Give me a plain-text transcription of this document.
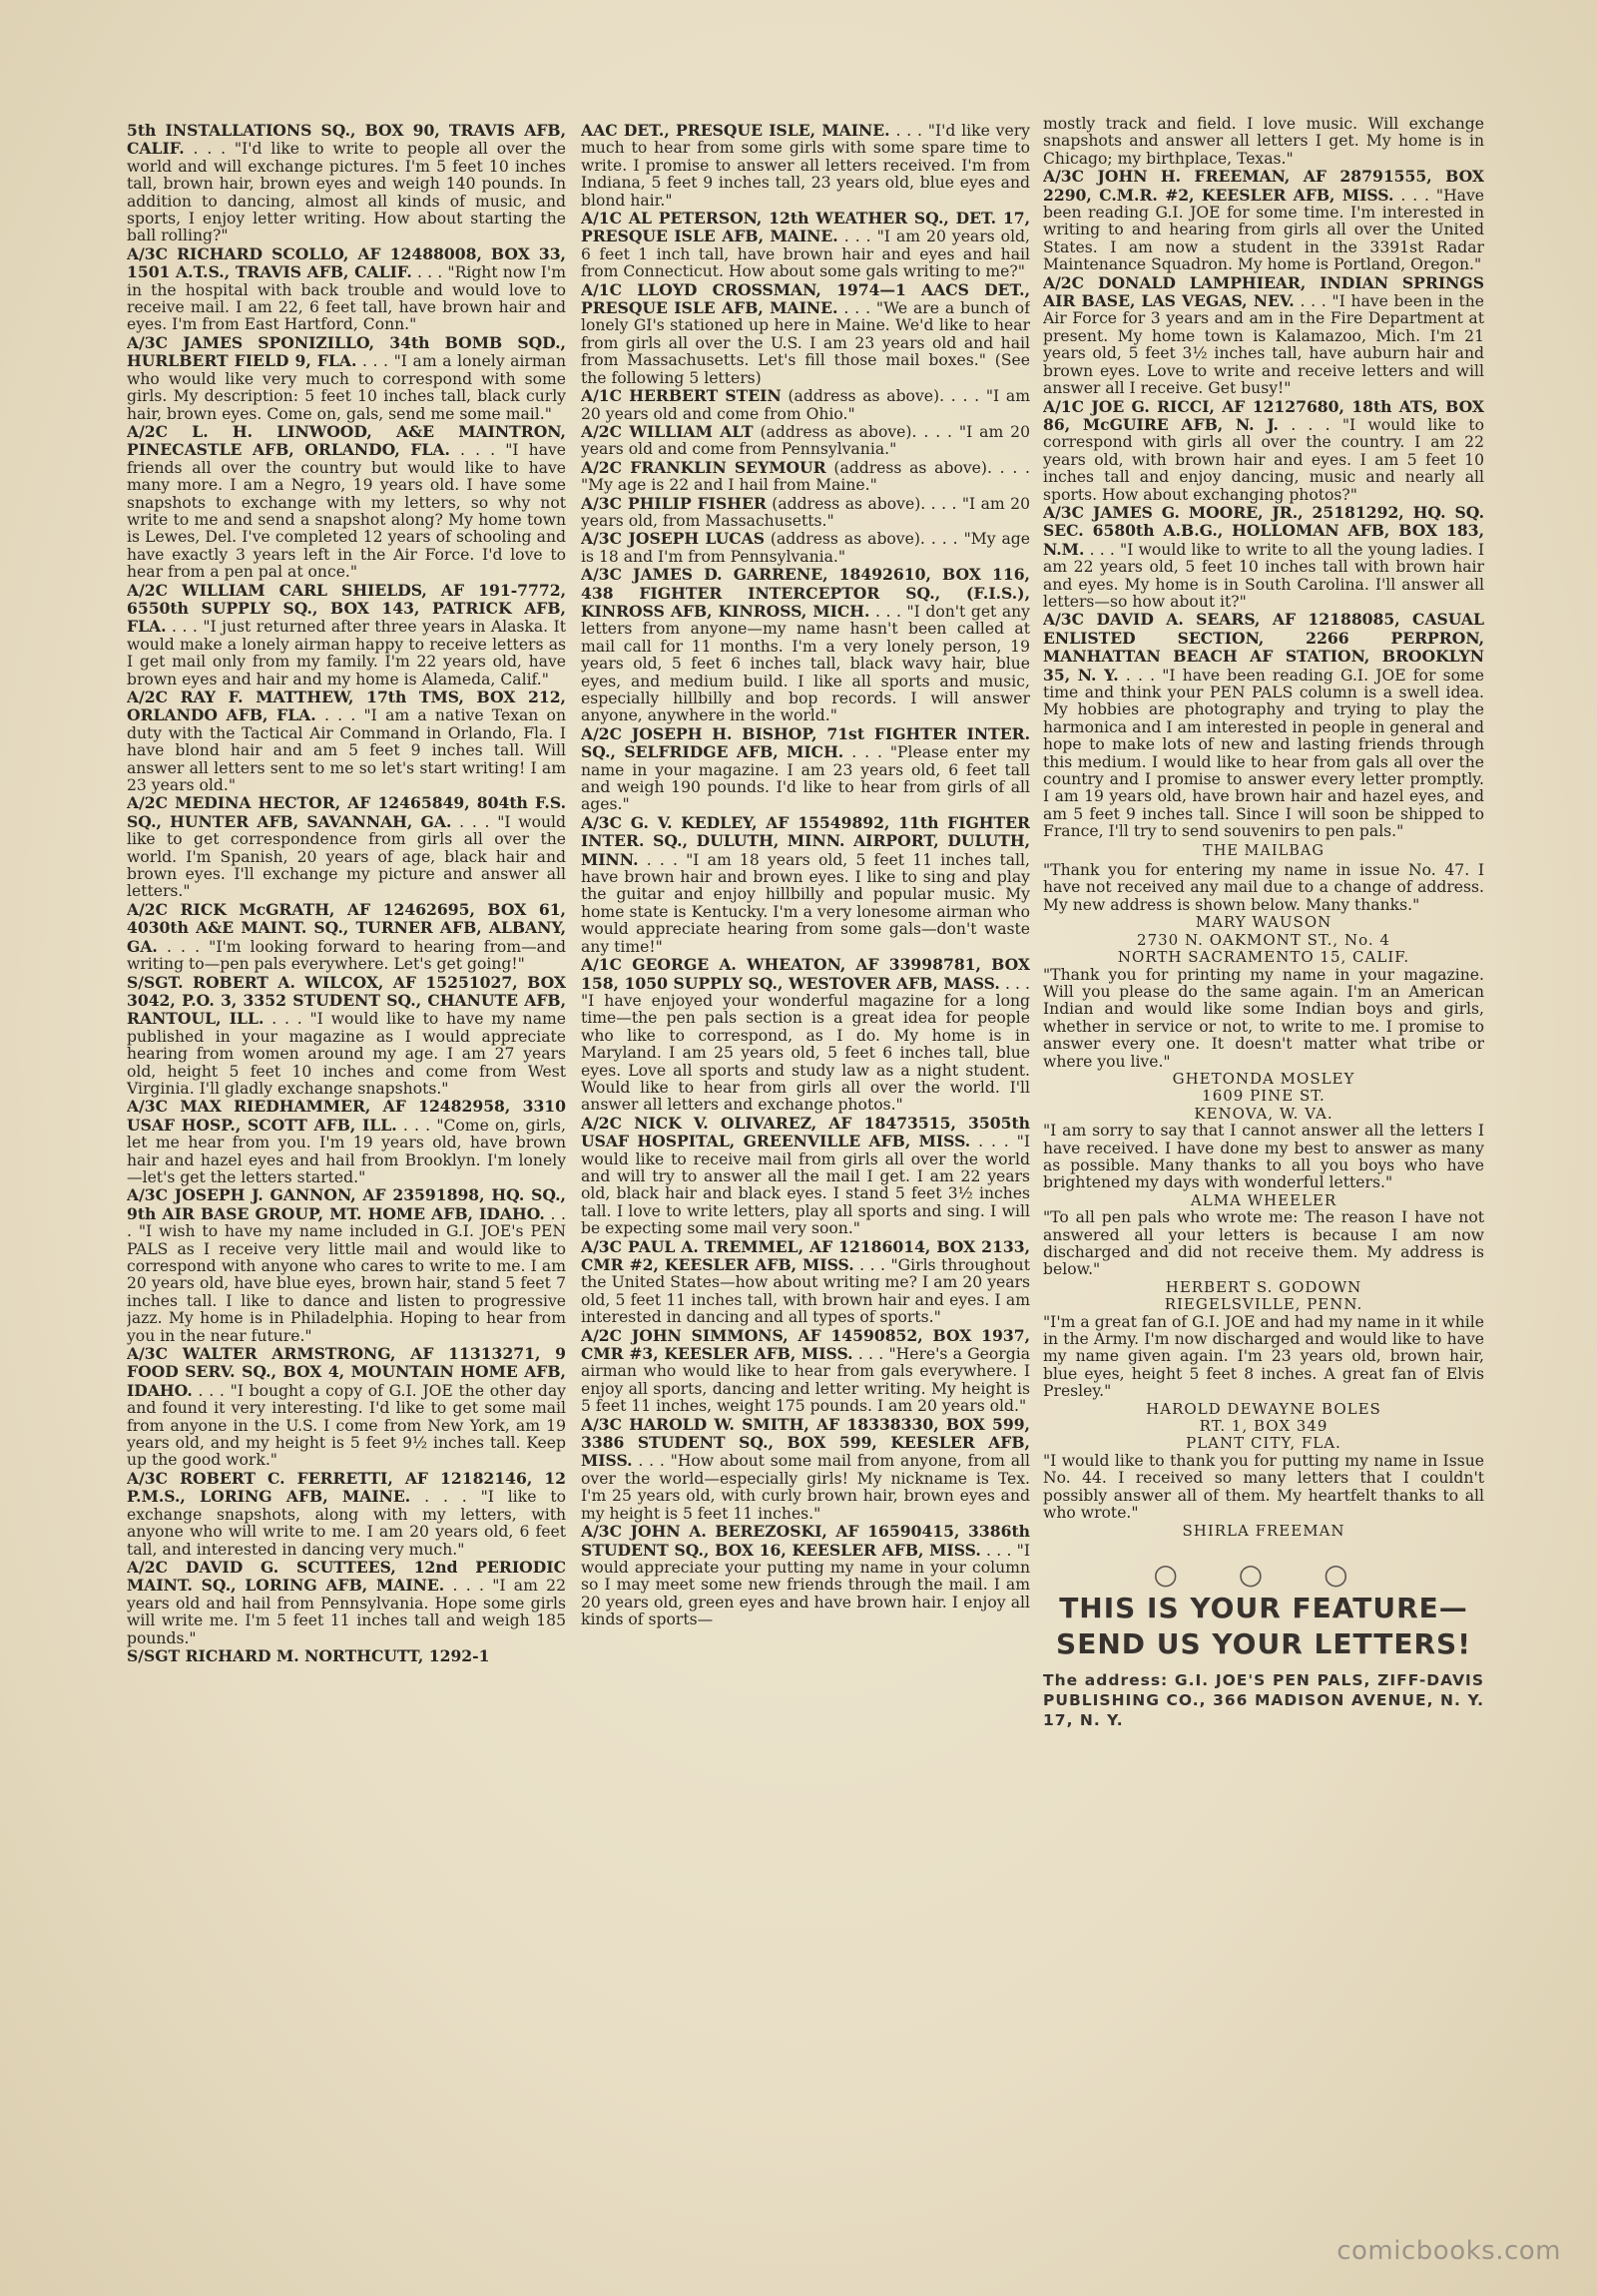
5th INSTALLATIONS SQ., BOX 90, TRAVIS AFB, CALIF. . . . "I'd like to write to people all over the world and will exchange pictures. I'm 5 feet 10 inches tall, brown hair, brown eyes and weigh 140 pounds. In addition to dancing, almost all kinds of music, and sports, I enjoy letter writing. How about starting the ball rolling?"

A/3C RICHARD SCOLLO, AF 12488008, BOX 33, 1501 A.T.S., TRAVIS AFB, CALIF. . . . "Right now I'm in the hospital with back trouble and would love to receive mail. I am 22, 6 feet tall, have brown hair and eyes. I'm from East Hartford, Conn."

A/3C JAMES SPONIZILLO, 34th BOMB SQD., HURLBERT FIELD 9, FLA. . . . "I am a lonely airman who would like very much to correspond with some girls. My description: 5 feet 10 inches tall, black curly hair, brown eyes. Come on, gals, send me some mail."

A/2C L. H. LINWOOD, A&E MAINTRON, PINECASTLE AFB, ORLANDO, FLA. . . . "I have friends all over the country but would like to have many more. I am a Negro, 19 years old. I have some snapshots to exchange with my letters, so why not write to me and send a snapshot along? My home town is Lewes, Del. I've completed 12 years of schooling and have exactly 3 years left in the Air Force. I'd love to hear from a pen pal at once."

A/2C WILLIAM CARL SHIELDS, AF 191-7772, 6550th SUPPLY SQ., BOX 143, PATRICK AFB, FLA. . . . "I just returned after three years in Alaska. It would make a lonely airman happy to receive letters as I get mail only from my family. I'm 22 years old, have brown eyes and hair and my home is Alameda, Calif."

A/2C RAY F. MATTHEW, 17th TMS, BOX 212, ORLANDO AFB, FLA. . . . "I am a native Texan on duty with the Tactical Air Command in Orlando, Fla. I have blond hair and am 5 feet 9 inches tall. Will answer all letters sent to me so let's start writing! I am 23 years old."

A/2C MEDINA HECTOR, AF 12465849, 804th F.S. SQ., HUNTER AFB, SAVANNAH, GA. . . . "I would like to get correspondence from girls all over the world. I'm Spanish, 20 years of age, black hair and brown eyes. I'll exchange my picture and answer all letters."

A/2C RICK McGRATH, AF 12462695, BOX 61, 4030th A&E MAINT. SQ., TURNER AFB, ALBANY, GA. . . . "I'm looking forward to hearing from—and writing to—pen pals everywhere. Let's get going!"

S/SGT. ROBERT A. WILCOX, AF 15251027, BOX 3042, P.O. 3, 3352 STUDENT SQ., CHANUTE AFB, RANTOUL, ILL. . . . "I would like to have my name published in your magazine as I would appreciate hearing from women around my age. I am 27 years old, height 5 feet 10 inches and come from West Virginia. I'll gladly exchange snapshots."

A/3C MAX RIEDHAMMER, AF 12482958, 3310 USAF HOSP., SCOTT AFB, ILL. . . . "Come on, girls, let me hear from you. I'm 19 years old, have brown hair and hazel eyes and hail from Brooklyn. I'm lonely—let's get the letters started."

A/3C JOSEPH J. GANNON, AF 23591898, HQ. SQ., 9th AIR BASE GROUP, MT. HOME AFB, IDAHO. . . . "I wish to have my name included in G.I. JOE's PEN PALS as I receive very little mail and would like to correspond with anyone who cares to write to me. I am 20 years old, have blue eyes, brown hair, stand 5 feet 7 inches tall. I like to dance and listen to progressive jazz. My home is in Philadelphia. Hoping to hear from you in the near future."

A/3C WALTER ARMSTRONG, AF 11313271, 9 FOOD SERV. SQ., BOX 4, MOUNTAIN HOME AFB, IDAHO. . . . "I bought a copy of G.I. JOE the other day and found it very interesting. I'd like to get some mail from anyone in the U.S. I come from New York, am 19 years old, and my height is 5 feet 9½ inches tall. Keep up the good work."

A/3C ROBERT C. FERRETTI, AF 12182146, 12 P.M.S., LORING AFB, MAINE. . . . "I like to exchange snapshots, along with my letters, with anyone who will write to me. I am 20 years old, 6 feet tall, and interested in dancing very much."

A/2C DAVID G. SCUTTEES, 12nd PERIODIC MAINT. SQ., LORING AFB, MAINE. . . . "I am 22 years old and hail from Pennsylvania. Hope some girls will write me. I'm 5 feet 11 inches tall and weigh 185 pounds."

S/SGT RICHARD M. NORTHCUTT, 1292-1

AAC DET., PRESQUE ISLE, MAINE. . . . "I'd like very much to hear from some girls with some spare time to write. I promise to answer all letters received. I'm from Indiana, 5 feet 9 inches tall, 23 years old, blue eyes and blond hair."

A/1C AL PETERSON, 12th WEATHER SQ., DET. 17, PRESQUE ISLE AFB, MAINE. . . . "I am 20 years old, 6 feet 1 inch tall, have brown hair and eyes and hail from Connecticut. How about some gals writing to me?"

A/1C LLOYD CROSSMAN, 1974—1 AACS DET., PRESQUE ISLE AFB, MAINE. . . . "We are a bunch of lonely GI's stationed up here in Maine. We'd like to hear from girls all over the U.S. I am 23 years old and hail from Massachusetts. Let's fill those mail boxes." (See the following 5 letters)

A/1C HERBERT STEIN (address as above). . . . "I am 20 years old and come from Ohio."

A/2C WILLIAM ALT (address as above). . . . "I am 20 years old and come from Pennsylvania."

A/2C FRANKLIN SEYMOUR (address as above). . . . "My age is 22 and I hail from Maine."

A/3C PHILIP FISHER (address as above). . . . "I am 20 years old, from Massachusetts."

A/3C JOSEPH LUCAS (address as above). . . . "My age is 18 and I'm from Pennsylvania."

A/3C JAMES D. GARRENE, 18492610, BOX 116, 438 FIGHTER INTERCEPTOR SQ., (F.I.S.), KINROSS AFB, KINROSS, MICH. . . . "I don't get any letters from anyone—my name hasn't been called at mail call for 11 months. I'm a very lonely person, 19 years old, 5 feet 6 inches tall, black wavy hair, blue eyes, and medium build. I like all sports and music, especially hillbilly and bop records. I will answer anyone, anywhere in the world."

A/2C JOSEPH H. BISHOP, 71st FIGHTER INTER. SQ., SELFRIDGE AFB, MICH. . . . "Please enter my name in your magazine. I am 23 years old, 6 feet tall and weigh 190 pounds. I'd like to hear from girls of all ages."

A/3C G. V. KEDLEY, AF 15549892, 11th FIGHTER INTER. SQ., DULUTH, MINN. AIRPORT, DULUTH, MINN. . . . "I am 18 years old, 5 feet 11 inches tall, have brown hair and brown eyes. I like to sing and play the guitar and enjoy hillbilly and popular music. My home state is Kentucky. I'm a very lonesome airman who would appreciate hearing from some gals—don't waste any time!"

A/1C GEORGE A. WHEATON, AF 33998781, BOX 158, 1050 SUPPLY SQ., WESTOVER AFB, MASS. . . . "I have enjoyed your wonderful magazine for a long time—the pen pals section is a great idea for people who like to correspond, as I do. My home is in Maryland. I am 25 years old, 5 feet 6 inches tall, blue eyes. Love all sports and study law as a night student. Would like to hear from girls all over the world. I'll answer all letters and exchange photos."

A/2C NICK V. OLIVAREZ, AF 18473515, 3505th USAF HOSPITAL, GREENVILLE AFB, MISS. . . . "I would like to receive mail from girls all over the world and will try to answer all the mail I get. I am 22 years old, black hair and black eyes. I stand 5 feet 3½ inches tall. I love to write letters, play all sports and sing. I will be expecting some mail very soon."

A/3C PAUL A. TREMMEL, AF 12186014, BOX 2133, CMR #2, KEESLER AFB, MISS. . . . "Girls throughout the United States—how about writing me? I am 20 years old, 5 feet 11 inches tall, with brown hair and eyes. I am interested in dancing and all types of sports."

A/2C JOHN SIMMONS, AF 14590852, BOX 1937, CMR #3, KEESLER AFB, MISS. . . . "Here's a Georgia airman who would like to hear from gals everywhere. I enjoy all sports, dancing and letter writing. My height is 5 feet 11 inches, weight 175 pounds. I am 20 years old."

A/3C HAROLD W. SMITH, AF 18338330, BOX 599, 3386 STUDENT SQ., BOX 599, KEESLER AFB, MISS. . . . "How about some mail from anyone, from all over the world—especially girls! My nickname is Tex. I'm 25 years old, with curly brown hair, brown eyes and my height is 5 feet 11 inches."

A/3C JOHN A. BEREZOSKI, AF 16590415, 3386th STUDENT SQ., BOX 16, KEESLER AFB, MISS. . . . "I would appreciate your putting my name in your column so I may meet some new friends through the mail. I am 20 years old, green eyes and have brown hair. I enjoy all kinds of sports—

mostly track and field. I love music. Will exchange snapshots and answer all letters I get. My home is in Chicago; my birthplace, Texas."

A/3C JOHN H. FREEMAN, AF 28791555, BOX 2290, C.M.R. #2, KEESLER AFB, MISS. . . . "Have been reading G.I. JOE for some time. I'm interested in writing to and hearing from girls all over the United States. I am now a student in the 3391st Radar Maintenance Squadron. My home is Portland, Oregon."

A/2C DONALD LAMPHIEAR, INDIAN SPRINGS AIR BASE, LAS VEGAS, NEV. . . . "I have been in the Air Force for 3 years and am in the Fire Department at present. My home town is Kalamazoo, Mich. I'm 21 years old, 5 feet 3½ inches tall, have auburn hair and brown eyes. Love to write and receive letters and will answer all I receive. Get busy!"

A/1C JOE G. RICCI, AF 12127680, 18th ATS, BOX 86, McGUIRE AFB, N. J. . . . "I would like to correspond with girls all over the country. I am 22 years old, with brown hair and eyes. I am 5 feet 10 inches tall and enjoy dancing, music and nearly all sports. How about exchanging photos?"

A/3C JAMES G. MOORE, JR., 25181292, HQ. SQ. SEC. 6580th A.B.G., HOLLOMAN AFB, BOX 183, N.M. . . . "I would like to write to all the young ladies. I am 22 years old, 5 feet 10 inches tall with brown hair and eyes. My home is in South Carolina. I'll answer all letters—so how about it?"

A/3C DAVID A. SEARS, AF 12188085, CASUAL ENLISTED SECTION, 2266 PERPRON, MANHATTAN BEACH AF STATION, BROOKLYN 35, N. Y. . . . "I have been reading G.I. JOE for some time and think your PEN PALS column is a swell idea. My hobbies are photography and trying to play the harmonica and I am interested in people in general and hope to make lots of new and lasting friends through this medium. I would like to hear from gals all over the country and I promise to answer every letter promptly. I am 19 years old, have brown hair and hazel eyes, and am 5 feet 9 inches tall. Since I will soon be shipped to France, I'll try to send souvenirs to pen pals."

THE MAILBAG

"Thank you for entering my name in issue No. 47. I have not received any mail due to a change of address. My new address is shown below. Many thanks."

MARY WAUSON
2730 N. OAKMONT ST., No. 4
NORTH SACRAMENTO 15, CALIF.

"Thank you for printing my name in your magazine. Will you please do the same again. I'm an American Indian and would like some Indian boys and girls, whether in service or not, to write to me. I promise to answer every one. It doesn't matter what tribe or where you live."

GHETONDA MOSLEY
1609 PINE ST.
KENOVA, W. VA.

"I am sorry to say that I cannot answer all the letters I have received. I have done my best to answer as many as possible. Many thanks to all you boys who have brightened my days with wonderful letters."

ALMA WHEELER

"To all pen pals who wrote me: The reason I have not answered all your letters is because I am now discharged and did not receive them. My address is below."

HERBERT S. GODOWN
RIEGELSVILLE, PENN.

"I'm a great fan of G.I. JOE and had my name in it while in the Army. I'm now discharged and would like to have my name given again. I'm 23 years old, brown hair, blue eyes, height 5 feet 8 inches. A great fan of Elvis Presley."

HAROLD DEWAYNE BOLES
RT. 1, BOX 349
PLANT CITY, FLA.

"I would like to thank you for putting my name in Issue No. 44. I received so many letters that I couldn't possibly answer all of them. My heartfelt thanks to all who wrote."

SHIRLA FREEMAN
○ ○ ○
THIS IS YOUR FEATURE—
SEND US YOUR LETTERS!
The address: G.I. JOE'S PEN PALS, ZIFF-DAVIS PUBLISHING CO., 366 MADISON AVENUE, N. Y. 17, N. Y.
comicbooks.com
